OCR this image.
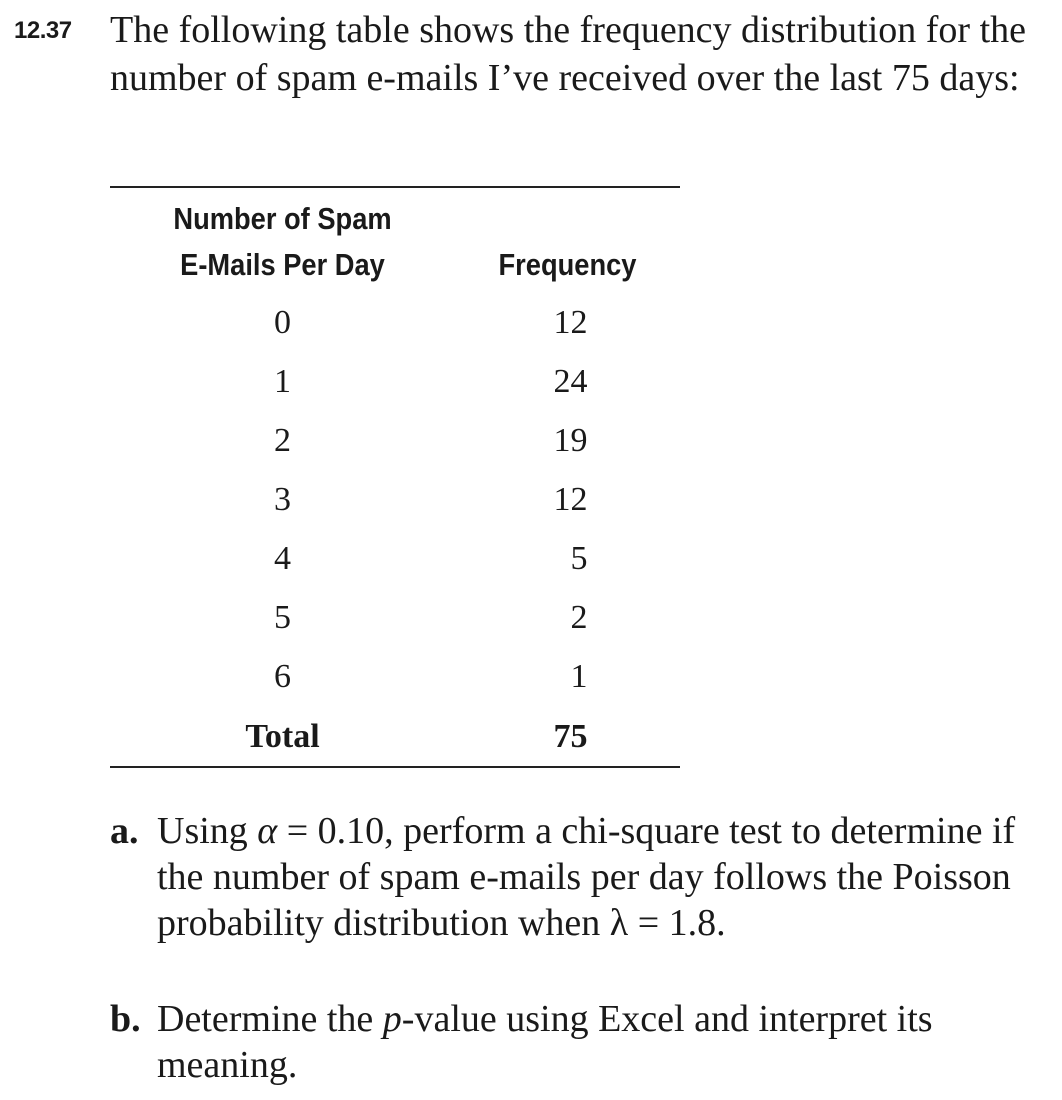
12.37 The following table shows the frequency distribution for the number of spam e-mails I’ve received over the last 75 days:

Number of Spam
E-Mails Per Day	Frequency
0	12
1	24
2	19
3	12
4	5
5	2
6	1
Total	75
a. Using α = 0.10, perform a chi-square test to determine if the number of spam e-mails per day follows the Poisson probability distribution when λ = 1.8.
b. Determine the p-value using Excel and interpret its meaning.
